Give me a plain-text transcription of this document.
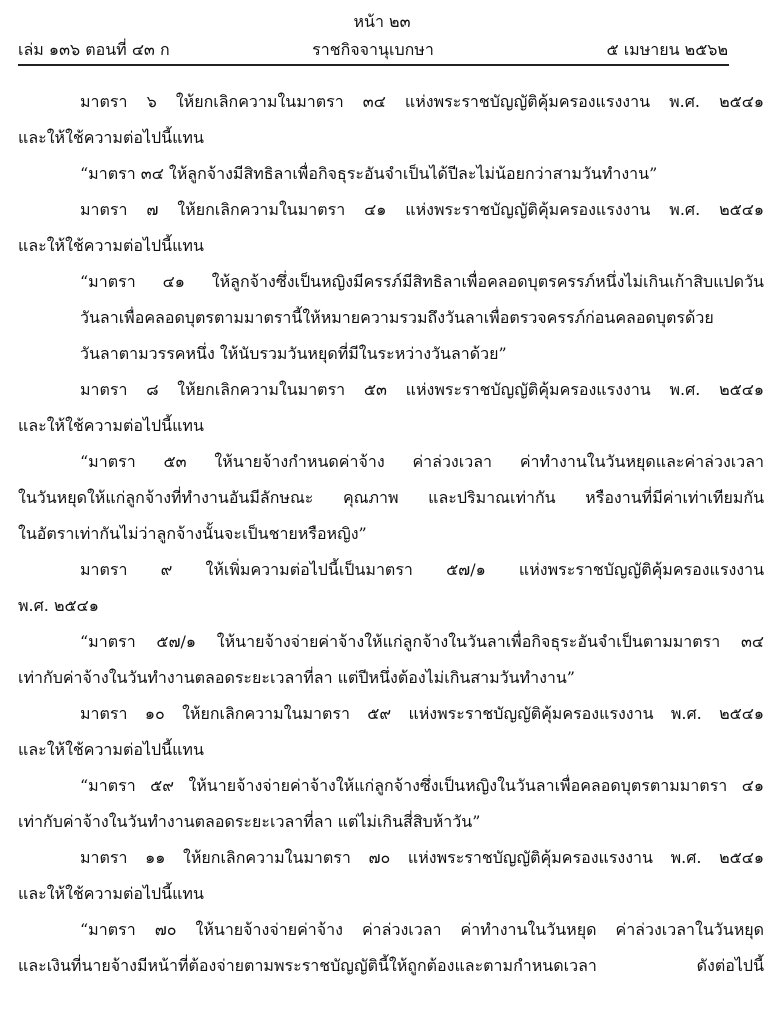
หน้า ๒๓
เล่ม ๑๓๖ ตอนที่ ๔๓ ก	ราชกิจจานุเบกษา	๕ เมษายน ๒๕๖๒
มาตรา ๖ ให้ยกเลิกความในมาตรา ๓๔ แห่งพระราชบัญญัติคุ้มครองแรงงาน พ.ศ. ๒๕๔๑
และให้ใช้ความต่อไปนี้แทน
“มาตรา ๓๔ ให้ลูกจ้างมีสิทธิลาเพื่อกิจธุระอันจำเป็นได้ปีละไม่น้อยกว่าสามวันทำงาน”
มาตรา ๗ ให้ยกเลิกความในมาตรา ๔๑ แห่งพระราชบัญญัติคุ้มครองแรงงาน พ.ศ. ๒๕๔๑
และให้ใช้ความต่อไปนี้แทน
“มาตรา ๔๑ ให้ลูกจ้างซึ่งเป็นหญิงมีครรภ์มีสิทธิลาเพื่อคลอดบุตรครรภ์หนึ่งไม่เกินเก้าสิบแปดวัน
วันลาเพื่อคลอดบุตรตามมาตรานี้ให้หมายความรวมถึงวันลาเพื่อตรวจครรภ์ก่อนคลอดบุตรด้วย
วันลาตามวรรคหนึ่ง ให้นับรวมวันหยุดที่มีในระหว่างวันลาด้วย”
มาตรา ๘ ให้ยกเลิกความในมาตรา ๕๓ แห่งพระราชบัญญัติคุ้มครองแรงงาน พ.ศ. ๒๕๔๑
และให้ใช้ความต่อไปนี้แทน
“มาตรา ๕๓ ให้นายจ้างกำหนดค่าจ้าง ค่าล่วงเวลา ค่าทำงานในวันหยุดและค่าล่วงเวลา
ในวันหยุดให้แก่ลูกจ้างที่ทำงานอันมีลักษณะ คุณภาพ และปริมาณเท่ากัน หรืองานที่มีค่าเท่าเทียมกัน
ในอัตราเท่ากันไม่ว่าลูกจ้างนั้นจะเป็นชายหรือหญิง”
มาตรา ๙ ให้เพิ่มความต่อไปนี้เป็นมาตรา ๕๗/๑ แห่งพระราชบัญญัติคุ้มครองแรงงาน
พ.ศ. ๒๕๔๑
“มาตรา ๕๗/๑ ให้นายจ้างจ่ายค่าจ้างให้แก่ลูกจ้างในวันลาเพื่อกิจธุระอันจำเป็นตามมาตรา ๓๔
เท่ากับค่าจ้างในวันทำงานตลอดระยะเวลาที่ลา แต่ปีหนึ่งต้องไม่เกินสามวันทำงาน”
มาตรา ๑๐ ให้ยกเลิกความในมาตรา ๕๙ แห่งพระราชบัญญัติคุ้มครองแรงงาน พ.ศ. ๒๕๔๑
และให้ใช้ความต่อไปนี้แทน
“มาตรา ๕๙ ให้นายจ้างจ่ายค่าจ้างให้แก่ลูกจ้างซึ่งเป็นหญิงในวันลาเพื่อคลอดบุตรตามมาตรา ๔๑
เท่ากับค่าจ้างในวันทำงานตลอดระยะเวลาที่ลา แต่ไม่เกินสี่สิบห้าวัน”
มาตรา ๑๑ ให้ยกเลิกความในมาตรา ๗๐ แห่งพระราชบัญญัติคุ้มครองแรงงาน พ.ศ. ๒๕๔๑
และให้ใช้ความต่อไปนี้แทน
“มาตรา ๗๐ ให้นายจ้างจ่ายค่าจ้าง ค่าล่วงเวลา ค่าทำงานในวันหยุด ค่าล่วงเวลาในวันหยุด
และเงินที่นายจ้างมีหน้าที่ต้องจ่ายตามพระราชบัญญัตินี้ให้ถูกต้องและตามกำหนดเวลา ดังต่อไปนี้
